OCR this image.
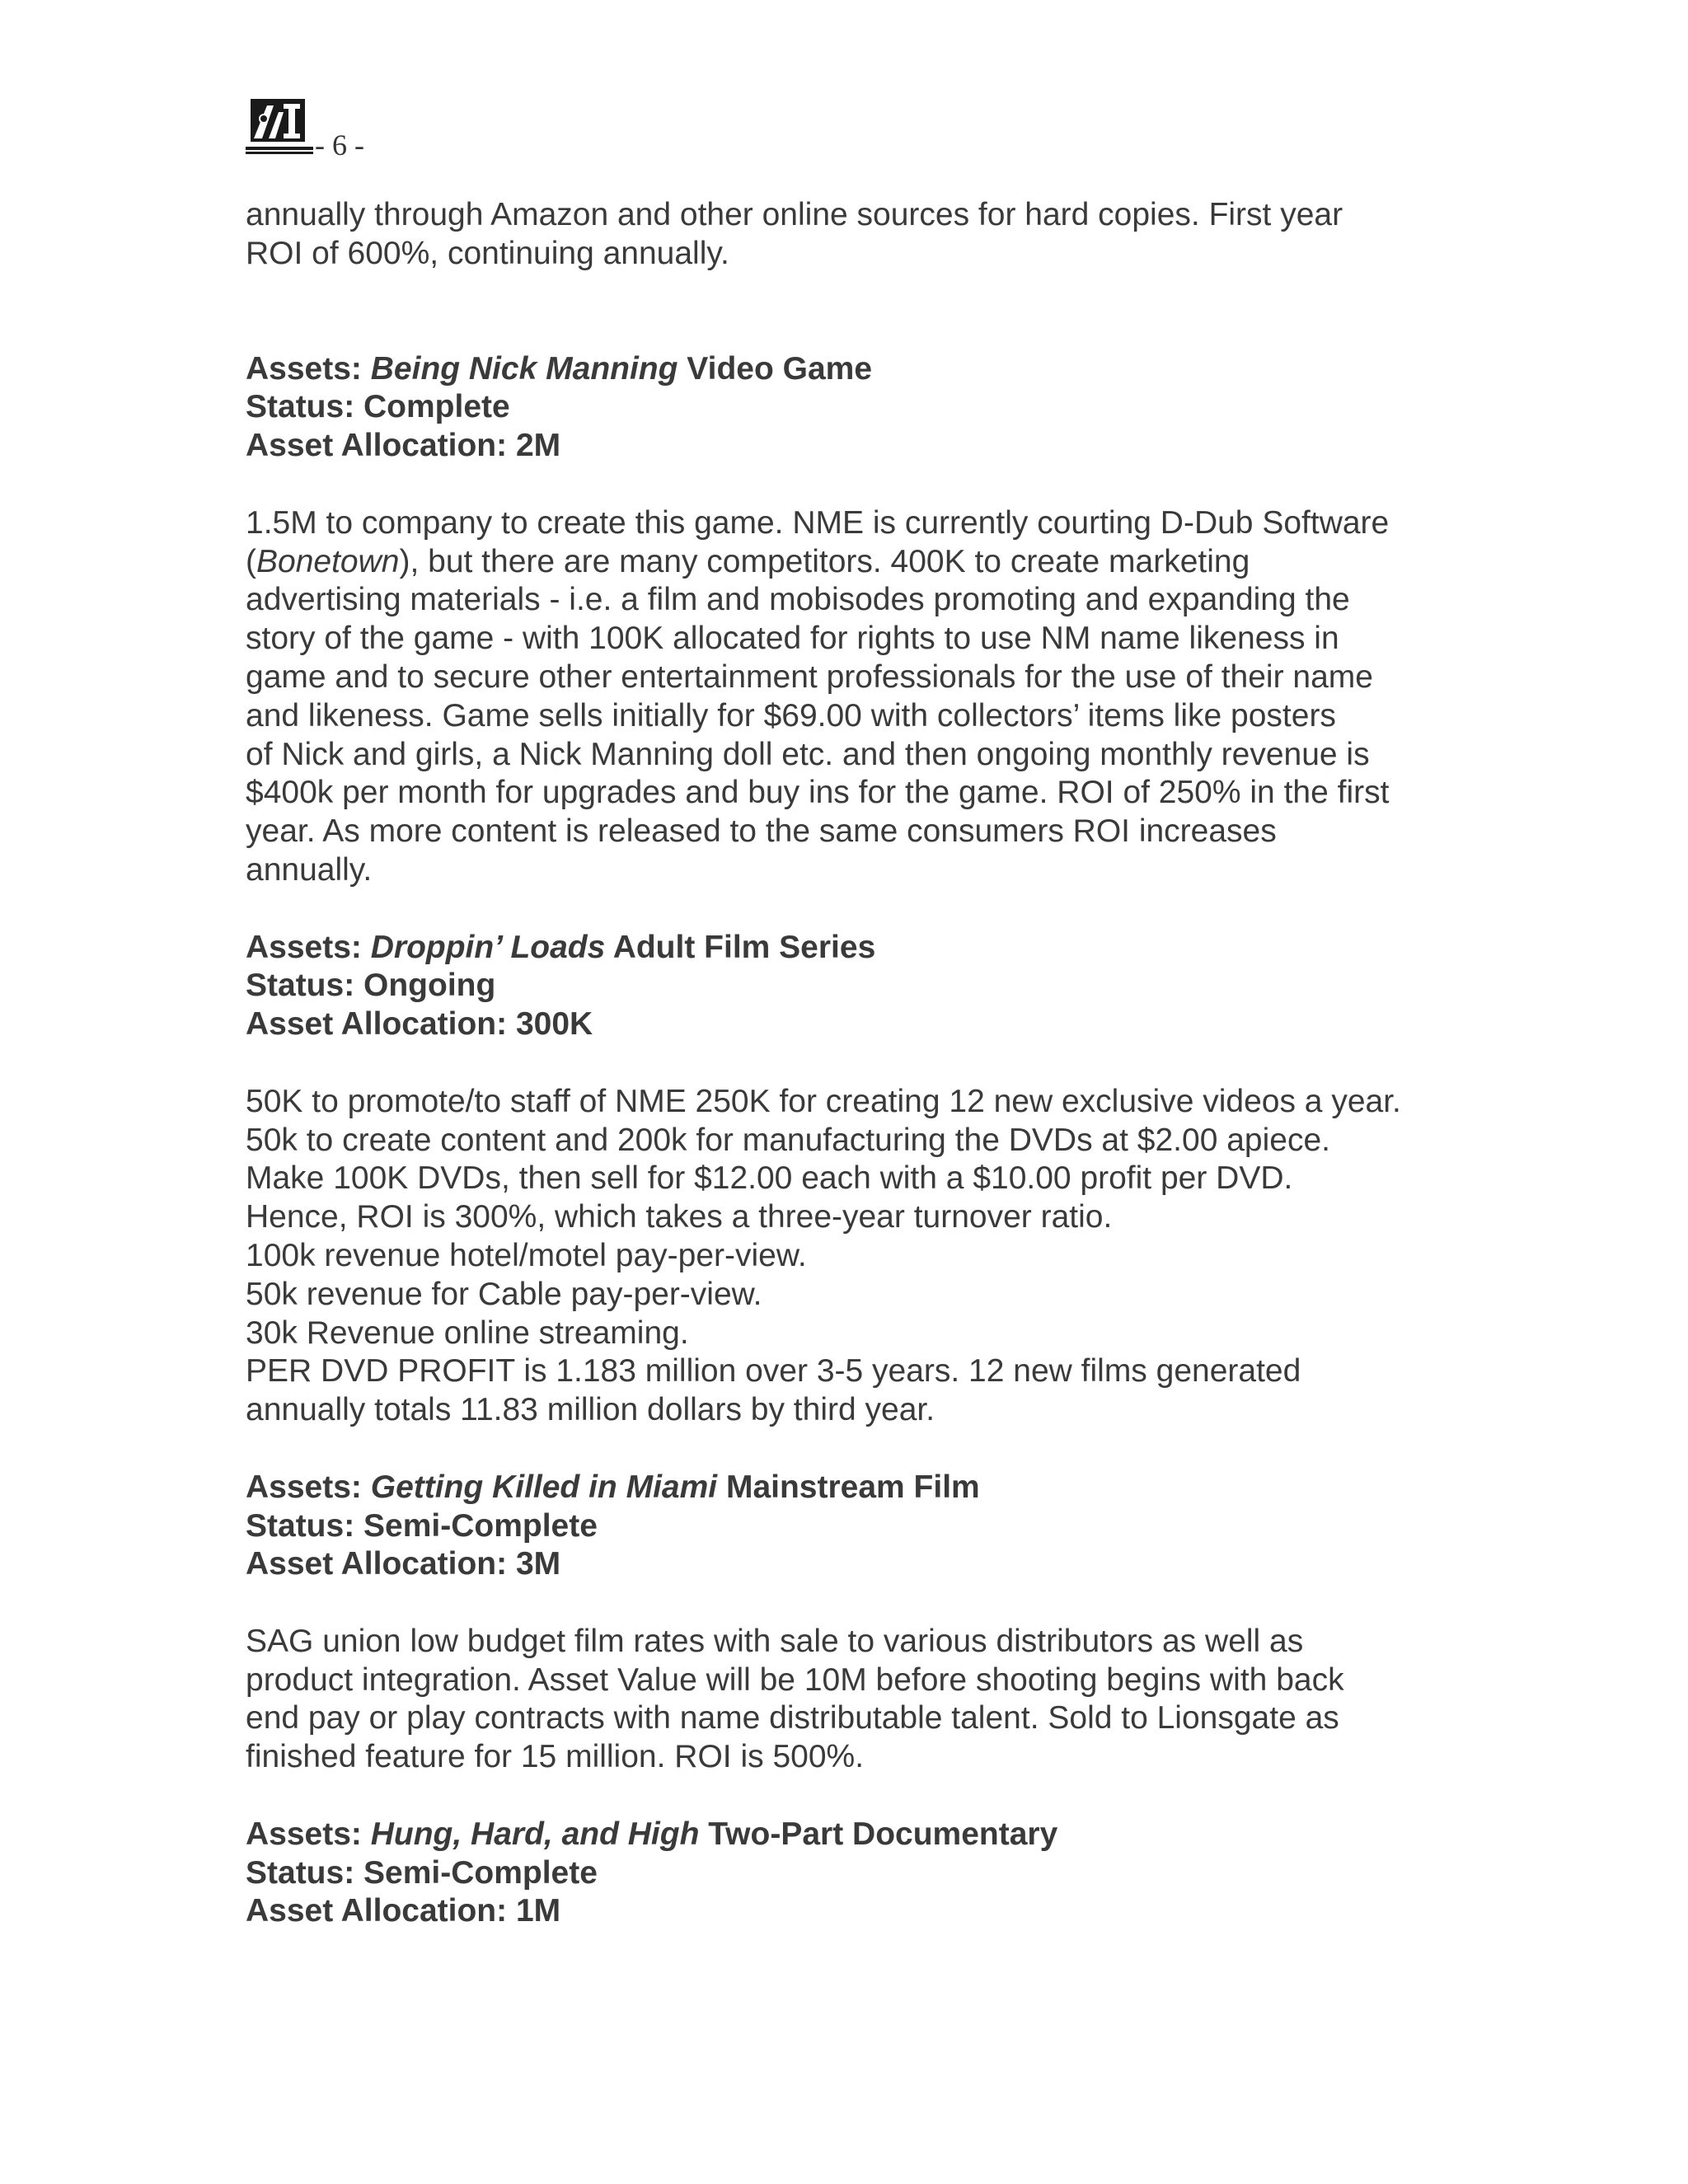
- 6 -
annually through Amazon and other online sources for hard copies. First year
ROI of 600%, continuing annually.
Assets: Being Nick Manning Video Game
Status: Complete
Asset Allocation: 2M
1.5M to company to create this game. NME is currently courting D-Dub Software
(Bonetown), but there are many competitors. 400K to create marketing
advertising materials - i.e. a film and mobisodes promoting and expanding the
story of the game - with 100K allocated for rights to use NM name likeness in
game and to secure other entertainment professionals for the use of their name
and likeness. Game sells initially for $69.00 with collectors’ items like posters
of Nick and girls, a Nick Manning doll etc. and then ongoing monthly revenue is
$400k per month for upgrades and buy ins for the game. ROI of 250% in the first
year. As more content is released to the same consumers ROI increases
annually.
Assets: Droppin’ Loads Adult Film Series
Status: Ongoing
Asset Allocation: 300K
50K to promote/to staff of NME 250K for creating 12 new exclusive videos a year.
50k to create content and 200k for manufacturing the DVDs at $2.00 apiece.
Make 100K DVDs, then sell for $12.00 each with a $10.00 profit per DVD.
Hence, ROI is 300%, which takes a three-year turnover ratio.
100k revenue hotel/motel pay-per-view.
50k revenue for Cable pay-per-view.
30k Revenue online streaming.
PER DVD PROFIT is 1.183 million over 3-5 years. 12 new films generated
annually totals 11.83 million dollars by third year.
Assets: Getting Killed in Miami Mainstream Film
Status: Semi-Complete
Asset Allocation: 3M
SAG union low budget film rates with sale to various distributors as well as
product integration. Asset Value will be 10M before shooting begins with back
end pay or play contracts with name distributable talent. Sold to Lionsgate as
finished feature for 15 million. ROI is 500%.
Assets: Hung, Hard, and High Two-Part Documentary
Status: Semi-Complete
Asset Allocation: 1M
